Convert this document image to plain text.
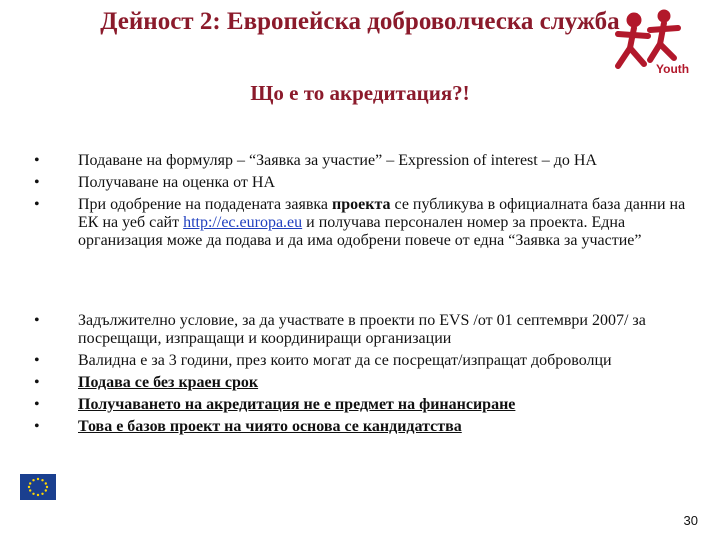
Дейност 2: Европейска доброволческа служба
Що е то акредитация?!
Youth
• Подаване на формуляр – “Заявка за участие” – Expression of interest – до НА
• Получаване на оценка от НА
• При одобрение на подадената заявка проекта се публикува в официалната база данни на ЕК на уеб сайт http://ec.europa.eu и получава персонален номер за проекта. Една организация може да подава и да има одобрени повече от една “Заявка за участие”
• Задължително условие, за да участвате в проекти по EVS /от 01 септември 2007/ за посрещащи, изпращащи и координиращи организации
• Валидна е за 3 години, през които могат да се посрещат/изпращат доброволци
• Подава се без краен срок
• Получаването на акредитация не е предмет на финансиране
• Това е базов проект на чиято основа се кандидатства
30
